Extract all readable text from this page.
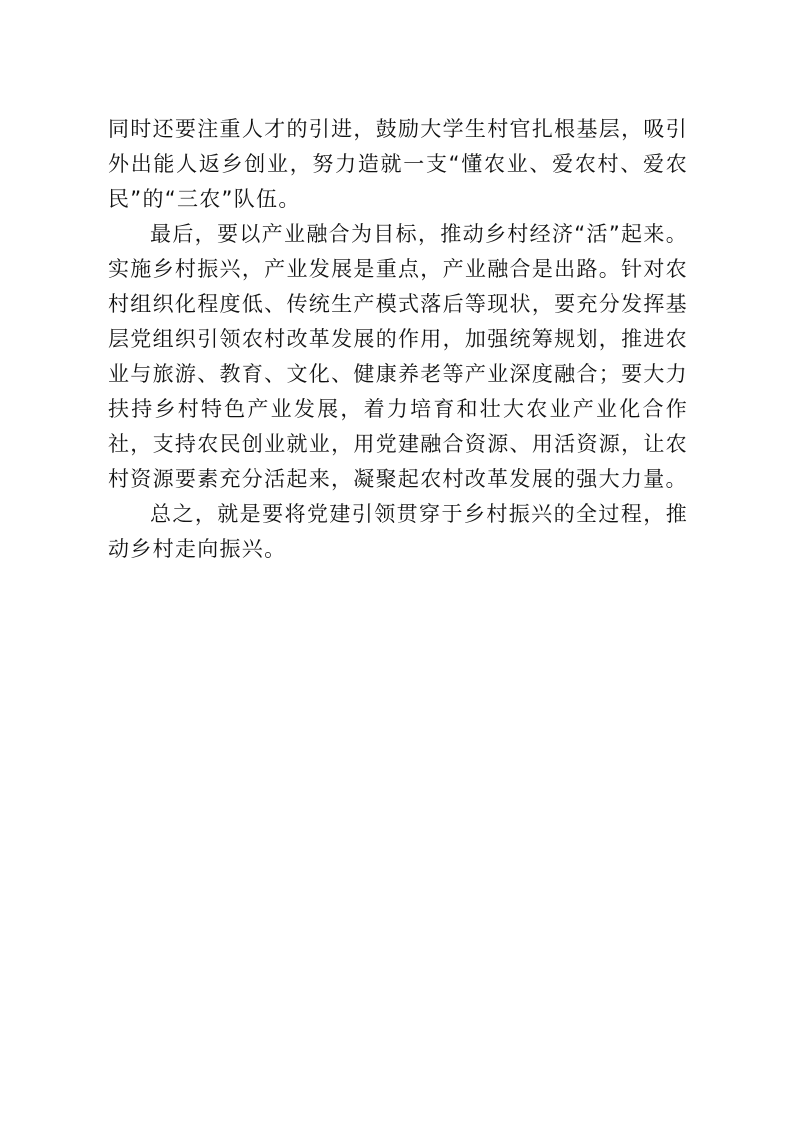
同时还要注重人才的引进，鼓励大学生村官扎根基层，吸引外出能人返乡创业，努力造就一支“懂农业、爱农村、爱农民”的“三农”队伍。

最后，要以产业融合为目标，推动乡村经济“活”起来。实施乡村振兴，产业发展是重点，产业融合是出路。针对农村组织化程度低、传统生产模式落后等现状，要充分发挥基层党组织引领农村改革发展的作用，加强统筹规划，推进农业与旅游、教育、文化、健康养老等产业深度融合；要大力扶持乡村特色产业发展，着力培育和壮大农业产业化合作社，支持农民创业就业，用党建融合资源、用活资源，让农村资源要素充分活起来，凝聚起农村改革发展的强大力量。

总之，就是要将党建引领贯穿于乡村振兴的全过程，推动乡村走向振兴。
